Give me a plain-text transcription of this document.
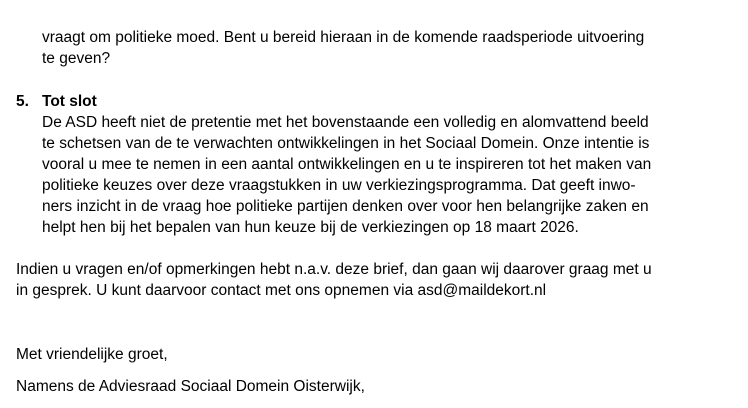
vraagt om politieke moed. Bent u bereid hieraan in de komende raadsperiode uitvoering
te geven?
5. Tot slot
De ASD heeft niet de pretentie met het bovenstaande een volledig en alomvattend beeld
te schetsen van de te verwachten ontwikkelingen in het Sociaal Domein. Onze intentie is
vooral u mee te nemen in een aantal ontwikkelingen en u te inspireren tot het maken van
politieke keuzes over deze vraagstukken in uw verkiezingsprogramma. Dat geeft inwo-
ners inzicht in de vraag hoe politieke partijen denken over voor hen belangrijke zaken en
helpt hen bij het bepalen van hun keuze bij de verkiezingen op 18 maart 2026.
Indien u vragen en/of opmerkingen hebt n.a.v. deze brief, dan gaan wij daarover graag met u
in gesprek. U kunt daarvoor contact met ons opnemen via asd@maildekort.nl
Met vriendelijke groet,
Namens de Adviesraad Sociaal Domein Oisterwijk,
